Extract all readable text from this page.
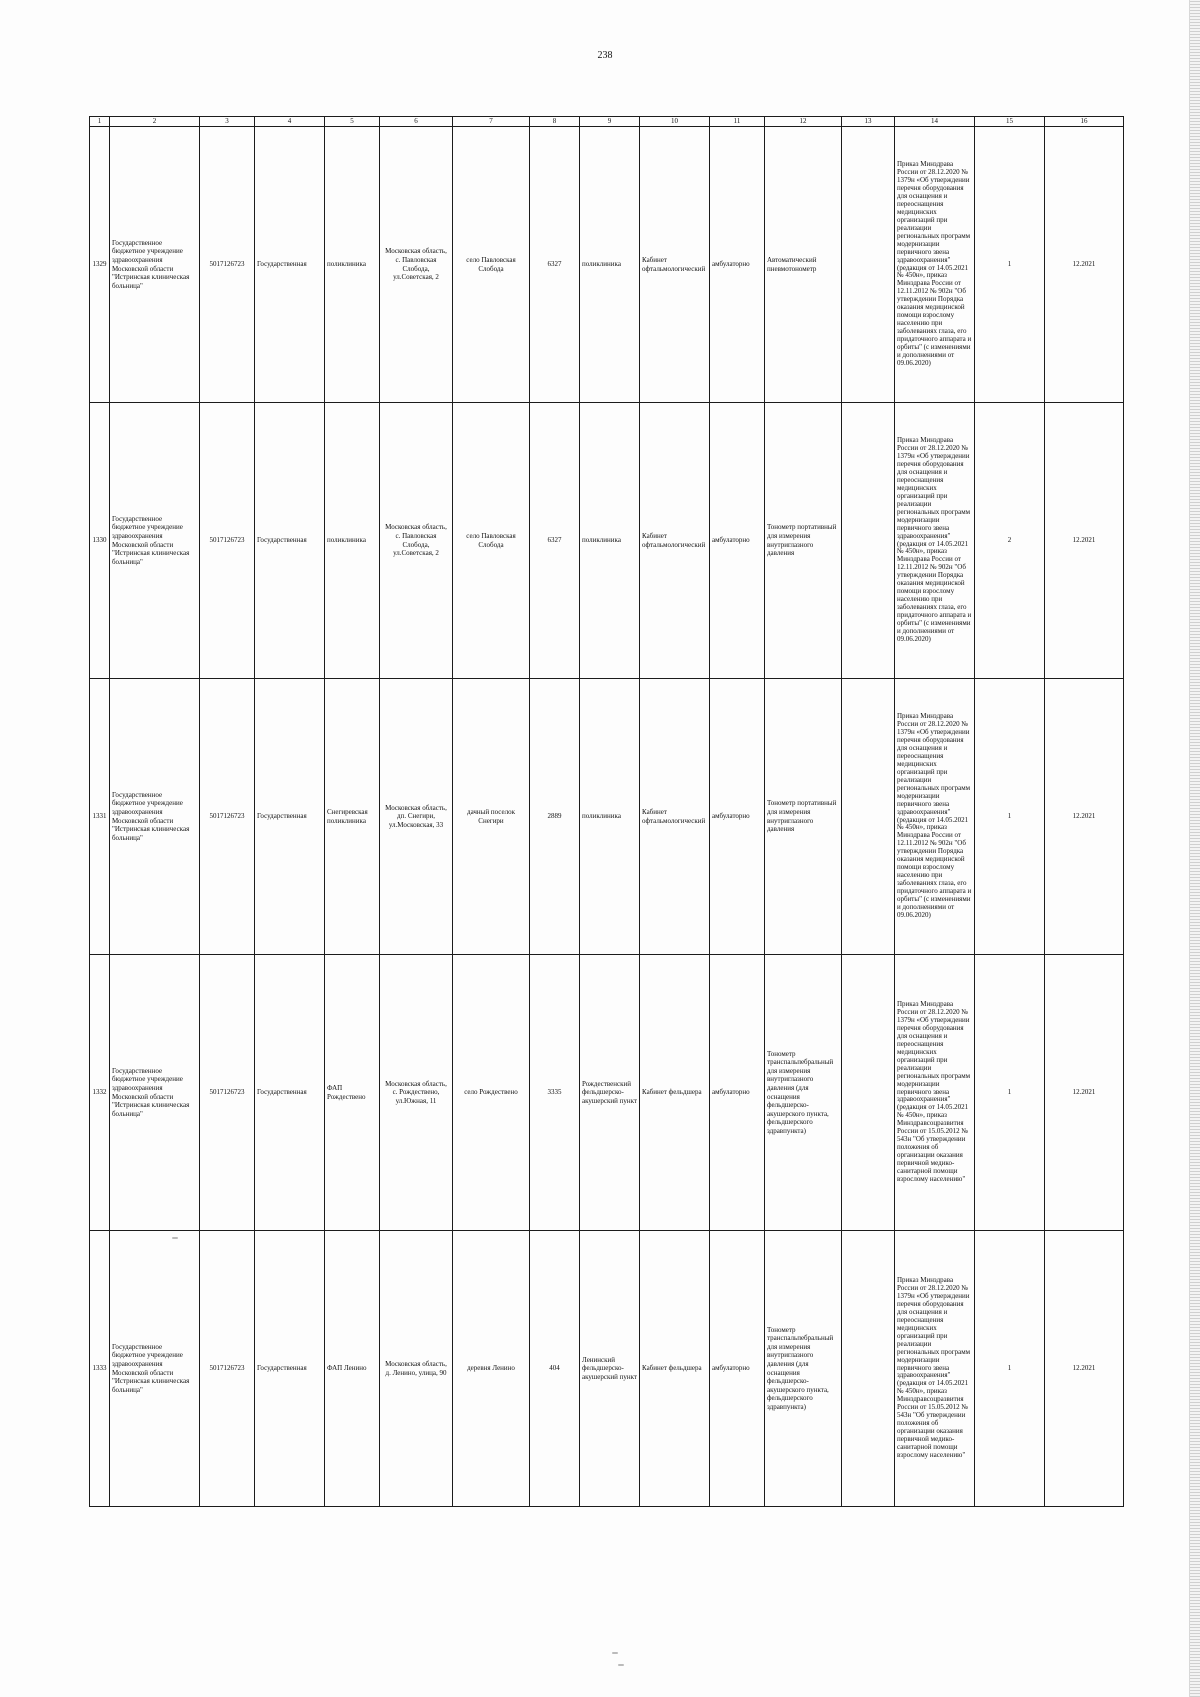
238
1	2	3	4	5	6	7	8	9	10	11	12	13	14	15	16
1329	Государственное бюджетное учреждение здравоохранения Московской области "Истринская клиническая больница"	5017126723	Государственная	поликлиника	Московская область, с. Павловская Слобода, ул.Советская, 2	село Павловская Слобода	6327	поликлиника	Кабинет офтальмологический	амбулаторно	Автоматический пневмотонометр		Приказ Минздрава России от 28.12.2020 № 1379н «Об утверждении перечня оборудования для оснащения и переоснащения медицинских организаций при реализации региональных программ модернизации первичного звена здравоохранения"(редакция от 14.05.2021 № 450н», приказ Минздрава России от 12.11.2012 № 902н "Об утверждении Порядка оказания медицинской помощи взрослому населению при заболеваниях глаза, его придаточного аппарата и орбиты" (с изменениями и дополнениями от 09.06.2020)	1	12.2021
1330	Государственное бюджетное учреждение здравоохранения Московской области "Истринская клиническая больница"	5017126723	Государственная	поликлиника	Московская область, с. Павловская Слобода, ул.Советская, 2	село Павловская Слобода	6327	поликлиника	Кабинет офтальмологический	амбулаторно	Тонометр портативный для измерения внутриглазного давления		Приказ Минздрава России от 28.12.2020 № 1379н «Об утверждении перечня оборудования для оснащения и переоснащения медицинских организаций при реализации региональных программ модернизации первичного звена здравоохранения"(редакция от 14.05.2021 № 450н», приказ Минздрава России от 12.11.2012 № 902н "Об утверждении Порядка оказания медицинской помощи взрослому населению при заболеваниях глаза, его придаточного аппарата и орбиты" (с изменениями и дополнениями от 09.06.2020)	2	12.2021
1331	Государственное бюджетное учреждение здравоохранения Московской области "Истринская клиническая больница"	5017126723	Государственная	Снегиревская поликлиника	Московская область, дп. Снегири, ул.Московская, 33	дачный поселок Снегири	2889	поликлиника	Кабинет офтальмологический	амбулаторно	Тонометр портативный для измерения внутриглазного давления		Приказ Минздрава России от 28.12.2020 № 1379н «Об утверждении перечня оборудования для оснащения и переоснащения медицинских организаций при реализации региональных программ модернизации первичного звена здравоохранения"(редакция от 14.05.2021 № 450н», приказ Минздрава России от 12.11.2012 № 902н "Об утверждении Порядка оказания медицинской помощи взрослому населению при заболеваниях глаза, его придаточного аппарата и орбиты" (с изменениями и дополнениями от 09.06.2020)	1	12.2021
1332	Государственное бюджетное учреждение здравоохранения Московской области "Истринская клиническая больница"	5017126723	Государственная	ФАП Рождествено	Московская область, с. Рождествено, ул.Южная, 11	село Рождествено	3335	Рождественский фельдшерско-акушерский пункт	Кабинет фельдшера	амбулаторно	Тонометр транспальпебральный для измерения внутриглазного давления (для оснащения фельдшерско-акушерского пункта, фельдшерского здравпункта)		Приказ Минздрава России от 28.12.2020 № 1379н «Об утверждении перечня оборудования для оснащения и переоснащения медицинских организаций при реализации региональных программ модернизации первичного звена здравоохранения"(редакция от 14.05.2021 № 450н», приказ Минздравсоцразвития России от 15.05.2012 № 543н "Об утверждении положения об организации оказания первичной медико-санитарной помощи взрослому населению"	1	12.2021
1333	Государственное бюджетное учреждение здравоохранения Московской области "Истринская клиническая больница"	5017126723	Государственная	ФАП Ленино	Московская область, д. Ленино, улица, 90	деревня Ленино	404	Ленинский фельдшерско-акушерский пункт	Кабинет фельдшера	амбулаторно	Тонометр транспальпебральный для измерения внутриглазного давления (для оснащения фельдшерско-акушерского пункта, фельдшерского здравпункта)		Приказ Минздрава России от 28.12.2020 № 1379н «Об утверждении перечня оборудования для оснащения и переоснащения медицинских организаций при реализации региональных программ модернизации первичного звена здравоохранения"(редакция от 14.05.2021 № 450н», приказ Минздравсоцразвития России от 15.05.2012 № 543н "Об утверждении положения об организации оказания первичной медико-санитарной помощи взрослому населению"	1	12.2021
